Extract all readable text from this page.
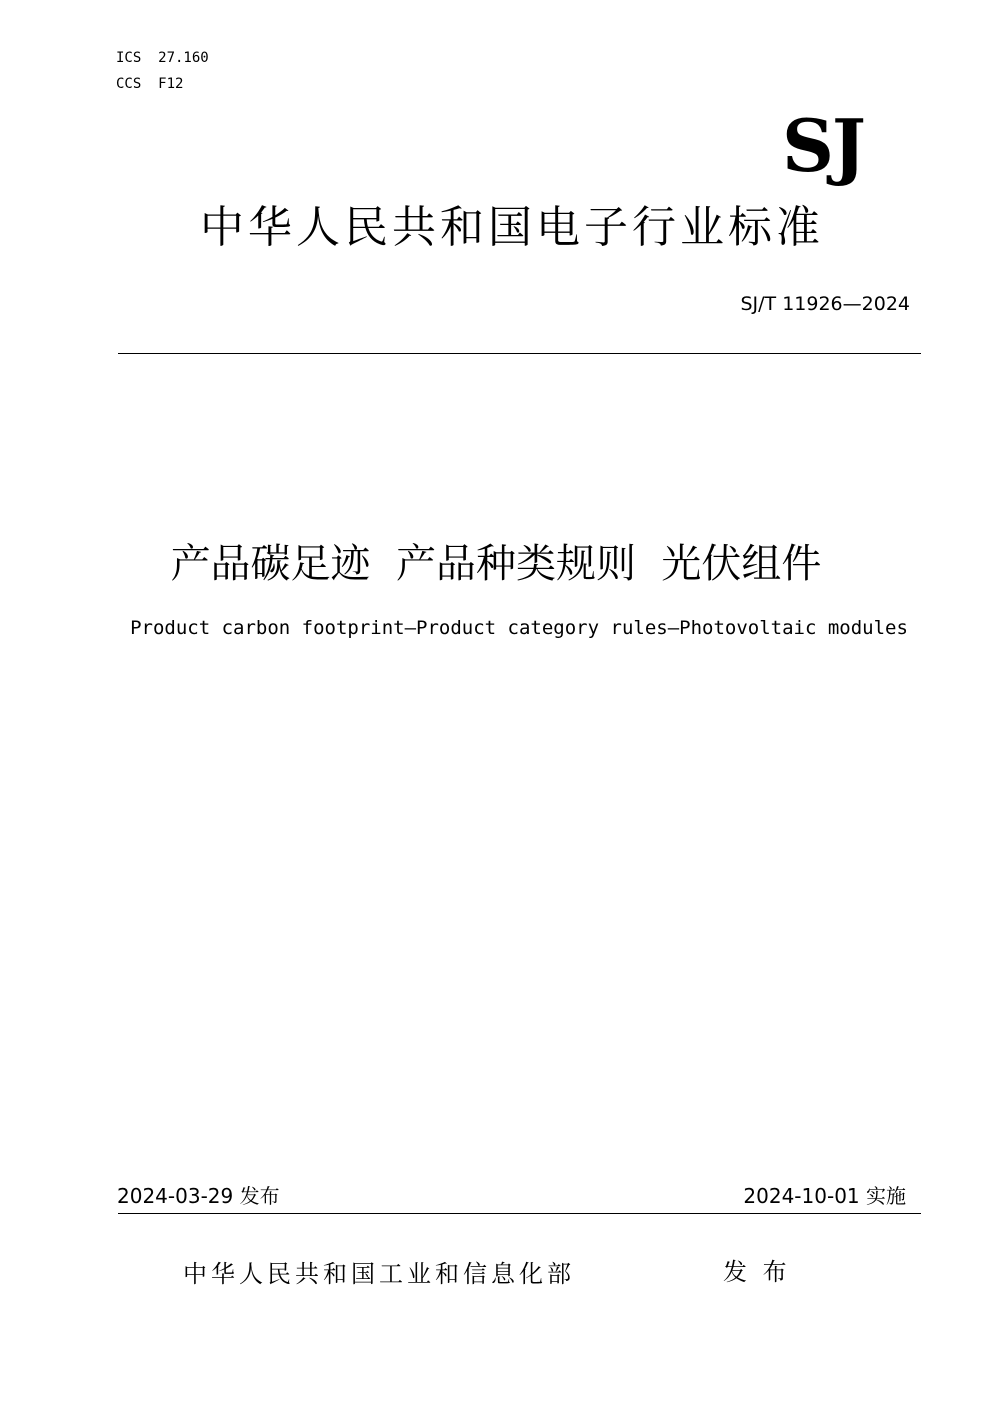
ICS  27.160
CCS  F12
SJ
中华人民共和国电子行业标准
SJ/T 11926—2024
产品碳足迹  产品种类规则  光伏组件
Product carbon footprint—Product category rules—Photovoltaic modules
2024-03-29 发布	2024-10-01 实施
中华人民共和国工业和信息化部	发 布
